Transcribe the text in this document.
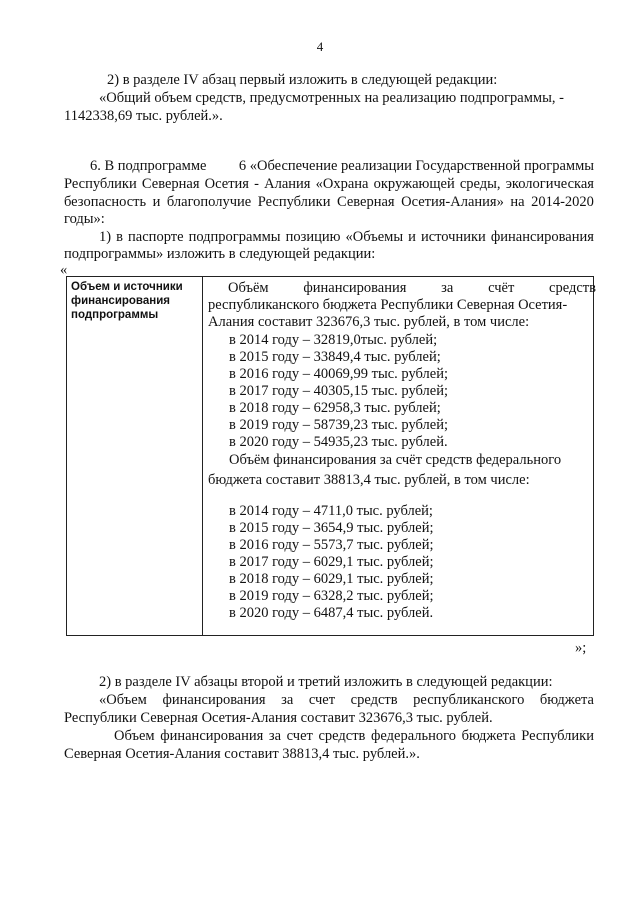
4
2) в разделе IV абзац первый изложить в следующей редакции:
«Общий объем средств, предусмотренных на реализацию подпрограммы, -
1142338,69 тыс. рублей.».
6. В подпрограмме 6 «Обеспечение реализации Государственной программы
Республики Северная Осетия - Алания «Охрана окружающей среды, экологическая
безопасность и благополучие Республики Северная Осетия-Алания» на 2014-2020
годы»:
1) в паспорте подпрограммы позицию «Объемы и источники финансирования
подпрограммы» изложить в следующей редакции:
«
Объем и источники
финансирования
подпрограммы

Объём финансирования за счёт средств
республиканского бюджета Республики Северная Осетия-
Алания составит 323676,3 тыс. рублей, в том числе:
в 2014 году – 32819,0тыс. рублей;
в 2015 году – 33849,4 тыс. рублей;
в 2016 году – 40069,99 тыс. рублей;
в 2017 году – 40305,15 тыс. рублей;
в 2018 году – 62958,3 тыс. рублей;
в 2019 году – 58739,23 тыс. рублей;
в 2020 году – 54935,23 тыс. рублей.
Объём финансирования за счёт средств федерального
бюджета составит 38813,4 тыс. рублей, в том числе:
в 2014 году – 4711,0 тыс. рублей;
в 2015 году – 3654,9 тыс. рублей;
в 2016 году – 5573,7 тыс. рублей;
в 2017 году – 6029,1 тыс. рублей;
в 2018 году – 6029,1 тыс. рублей;
в 2019 году – 6328,2 тыс. рублей;
в 2020 году – 6487,4 тыс. рублей.
»;
2) в разделе IV абзацы второй и третий изложить в следующей редакции:
«Объем финансирования за счет средств республиканского бюджета
Республики Северная Осетия-Алания составит 323676,3 тыс. рублей.
Объем финансирования за счет средств федерального бюджета Республики
Северная Осетия-Алания составит 38813,4 тыс. рублей.».
